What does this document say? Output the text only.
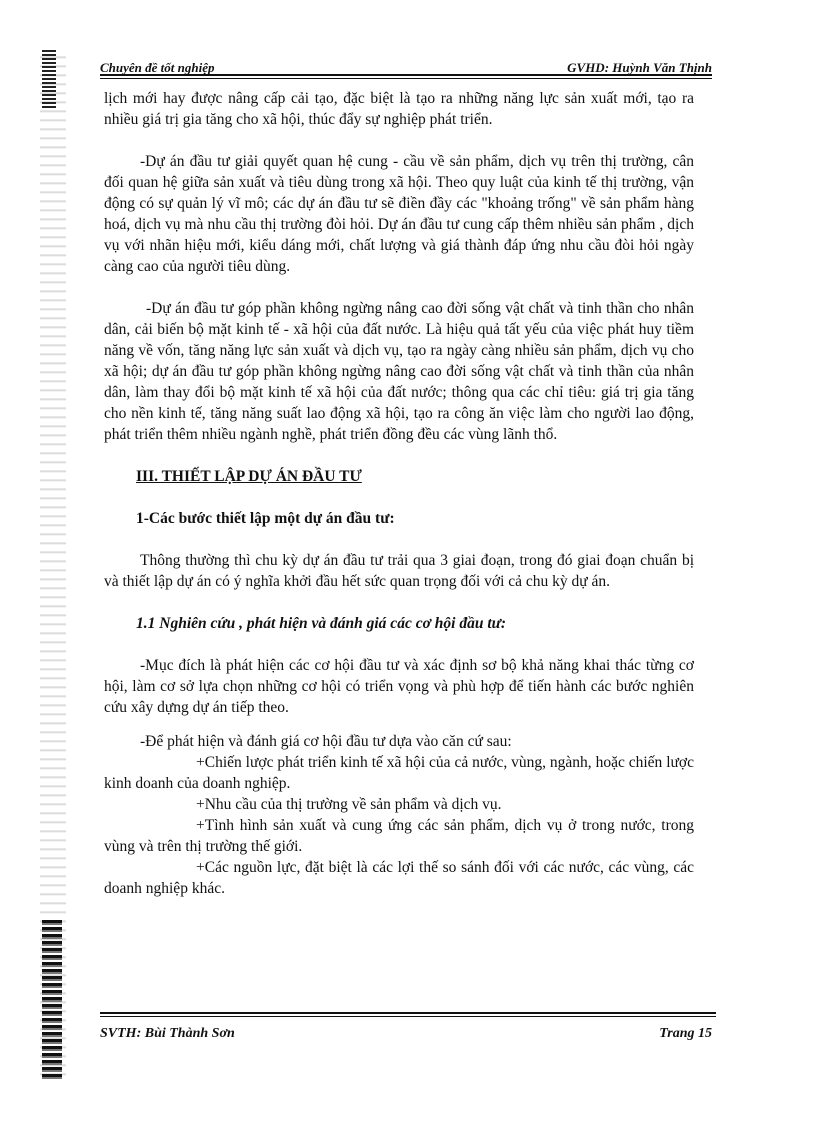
Chuyên đề tốt nghiệp	GVHD: Huỳnh Văn Thịnh

lịch mới hay được nâng cấp cải tạo, đặc biệt là tạo ra những năng lực sản xuất mới, tạo ra nhiều giá trị gia tăng cho xã hội, thúc đẩy sự nghiệp phát triển.

-Dự án đầu tư giải quyết quan hệ cung - cầu về sản phẩm, dịch vụ trên thị trường, cân đối quan hệ giữa sản xuất và tiêu dùng trong xã hội. Theo quy luật của kinh tế thị trường, vận động có sự quản lý vĩ mô; các dự án đầu tư sẽ điền đầy các "khoảng trống" về sản phẩm hàng hoá, dịch vụ mà nhu cầu thị trường đòi hỏi. Dự án đầu tư cung cấp thêm nhiều sản phẩm , dịch vụ với nhãn hiệu mới, kiểu dáng mới, chất lượng và giá thành đáp ứng nhu cầu đòi hỏi ngày càng cao của người tiêu dùng.

-Dự án đầu tư góp phần không ngừng nâng cao đời sống vật chất và tinh thần cho nhân dân, cải biến bộ mặt kinh tế - xã hội của đất nước. Là hiệu quả tất yếu của việc phát huy tiềm năng về vốn, tăng năng lực sản xuất và dịch vụ, tạo ra ngày càng nhiều sản phẩm, dịch vụ cho xã hội; dự án đầu tư góp phần không ngừng nâng cao đời sống vật chất và tinh thần của nhân dân, làm thay đổi bộ mặt kinh tế xã hội của đất nước; thông qua các chỉ tiêu: giá trị gia tăng cho nền kinh tế, tăng năng suất lao động xã hội, tạo ra công ăn việc làm cho người lao động, phát triển thêm nhiều ngành nghề, phát triển đồng đều các vùng lãnh thổ.

III. THIẾT LẬP DỰ ÁN ĐẦU TƯ

1-Các bước thiết lập một dự án đầu tư:

Thông thường thì chu kỳ dự án đầu tư trải qua 3 giai đoạn, trong đó giai đoạn chuẩn bị và thiết lập dự án có ý nghĩa khởi đầu hết sức quan trọng đối với cả chu kỳ dự án.

1.1 Nghiên cứu , phát hiện và đánh giá các cơ hội đầu tư:

-Mục đích là phát hiện các cơ hội đầu tư và xác định sơ bộ khả năng khai thác từng cơ hội, làm cơ sở lựa chọn những cơ hội có triển vọng và phù hợp để tiến hành các bước nghiên cứu xây dựng dự án tiếp theo.

-Để phát hiện và đánh giá cơ hội đầu tư dựa vào căn cứ sau:

+Chiến lược phát triển kinh tế xã hội của cả nước, vùng, ngành, hoặc chiến lược kinh doanh của doanh nghiệp.

+Nhu cầu của thị trường về sản phẩm và dịch vụ.

+Tình hình sản xuất và cung ứng các sản phẩm, dịch vụ ở trong nước, trong vùng và trên thị trường thế giới.

+Các nguồn lực, đặt biệt là các lợi thế so sánh đối với các nước, các vùng, các doanh nghiệp khác.

SVTH: Bùi Thành Sơn	Trang 15
